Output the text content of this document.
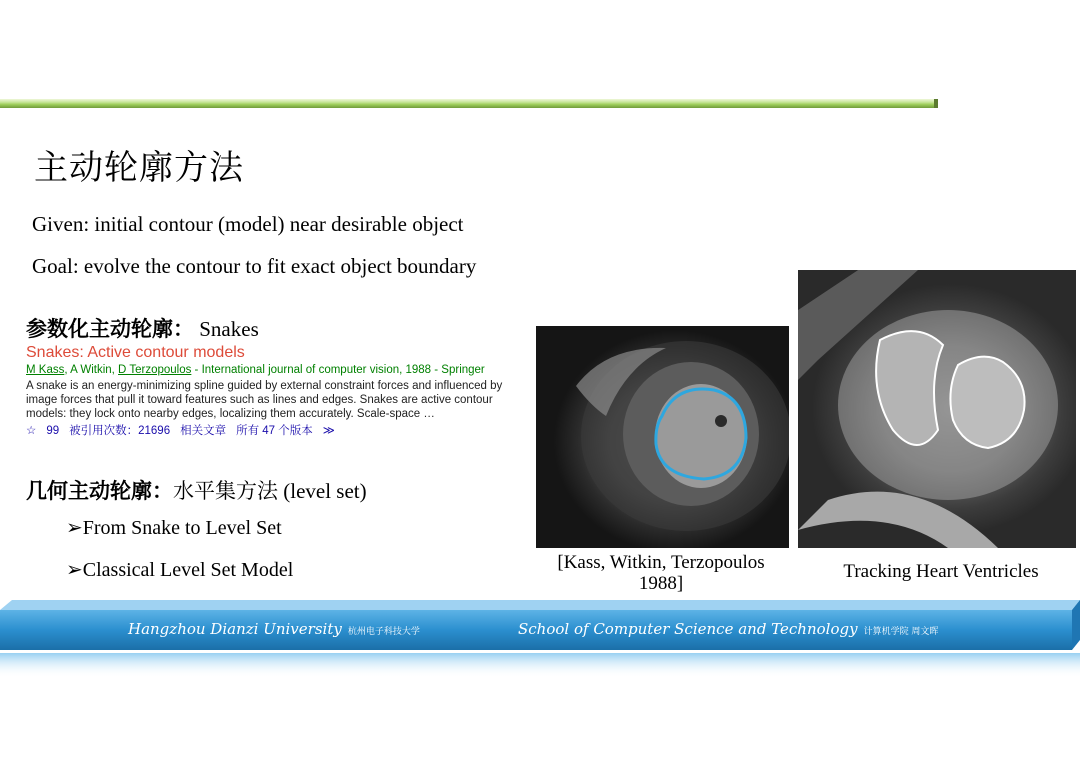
主动轮廓方法
Given: initial contour (model) near desirable object
Goal: evolve the contour to fit exact object boundary
参数化主动轮廓： Snakes
Snakes: Active contour models
M Kass, A Witkin, D Terzopoulos - International journal of computer vision, 1988 - Springer
A snake is an energy-minimizing spline guided by external constraint forces and influenced by image forces that pull it toward features such as lines and edges. Snakes are active contour models: they lock onto nearby edges, localizing them accurately. Scale-space …
☆ 99 被引用次数：21696 相关文章 所有 47 个版本 ≫
几何主动轮廓：水平集方法 (level set)
➢From Snake to Level Set
➢Classical Level Set Model	[Kass, Witkin, Terzopoulos 1988]
Tracking Heart Ventricles
Hangzhou Dianzi University 杭州电子科技大学	School of Computer Science and Technology 计算机学院 周文晖
